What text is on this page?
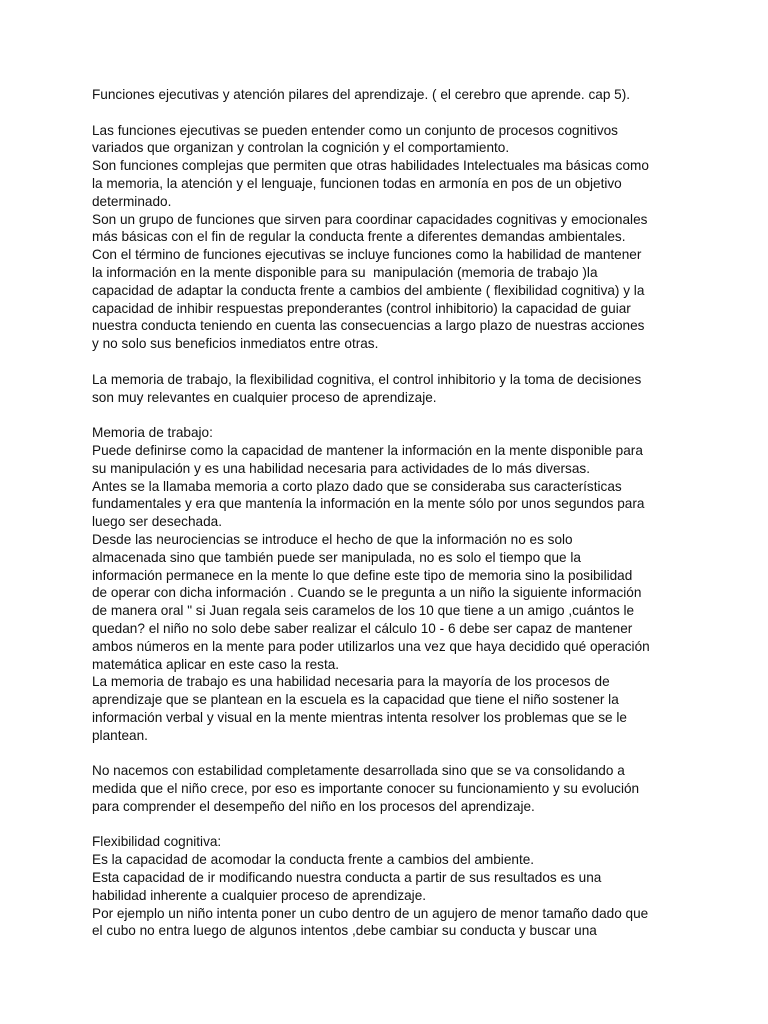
Funciones ejecutivas y atención pilares del aprendizaje. ( el cerebro que aprende. cap 5).
Las funciones ejecutivas se pueden entender como un conjunto de procesos cognitivos
variados que organizan y controlan la cognición y el comportamiento.
Son funciones complejas que permiten que otras habilidades Intelectuales ma básicas como
la memoria, la atención y el lenguaje, funcionen todas en armonía en pos de un objetivo
determinado.
Son un grupo de funciones que sirven para coordinar capacidades cognitivas y emocionales
más básicas con el fin de regular la conducta frente a diferentes demandas ambientales.
Con el término de funciones ejecutivas se incluye funciones como la habilidad de mantener
la información en la mente disponible para su  manipulación (memoria de trabajo )la
capacidad de adaptar la conducta frente a cambios del ambiente ( flexibilidad cognitiva) y la
capacidad de inhibir respuestas preponderantes (control inhibitorio) la capacidad de guiar
nuestra conducta teniendo en cuenta las consecuencias a largo plazo de nuestras acciones
y no solo sus beneficios inmediatos entre otras.
La memoria de trabajo, la flexibilidad cognitiva, el control inhibitorio y la toma de decisiones
son muy relevantes en cualquier proceso de aprendizaje.
Memoria de trabajo:
Puede definirse como la capacidad de mantener la información en la mente disponible para
su manipulación y es una habilidad necesaria para actividades de lo más diversas.
Antes se la llamaba memoria a corto plazo dado que se consideraba sus características
fundamentales y era que mantenía la información en la mente sólo por unos segundos para
luego ser desechada.
Desde las neurociencias se introduce el hecho de que la información no es solo
almacenada sino que también puede ser manipulada, no es solo el tiempo que la
información permanece en la mente lo que define este tipo de memoria sino la posibilidad
de operar con dicha información . Cuando se le pregunta a un niño la siguiente información
de manera oral " si Juan regala seis caramelos de los 10 que tiene a un amigo ,cuántos le
quedan? el niño no solo debe saber realizar el cálculo 10 - 6 debe ser capaz de mantener
ambos números en la mente para poder utilizarlos una vez que haya decidido qué operación
matemática aplicar en este caso la resta.
La memoria de trabajo es una habilidad necesaria para la mayoría de los procesos de
aprendizaje que se plantean en la escuela es la capacidad que tiene el niño sostener la
información verbal y visual en la mente mientras intenta resolver los problemas que se le
plantean.
No nacemos con estabilidad completamente desarrollada sino que se va consolidando a
medida que el niño crece, por eso es importante conocer su funcionamiento y su evolución
para comprender el desempeño del niño en los procesos del aprendizaje.
Flexibilidad cognitiva:
Es la capacidad de acomodar la conducta frente a cambios del ambiente.
Esta capacidad de ir modificando nuestra conducta a partir de sus resultados es una
habilidad inherente a cualquier proceso de aprendizaje.
Por ejemplo un niño intenta poner un cubo dentro de un agujero de menor tamaño dado que
el cubo no entra luego de algunos intentos ,debe cambiar su conducta y buscar una
